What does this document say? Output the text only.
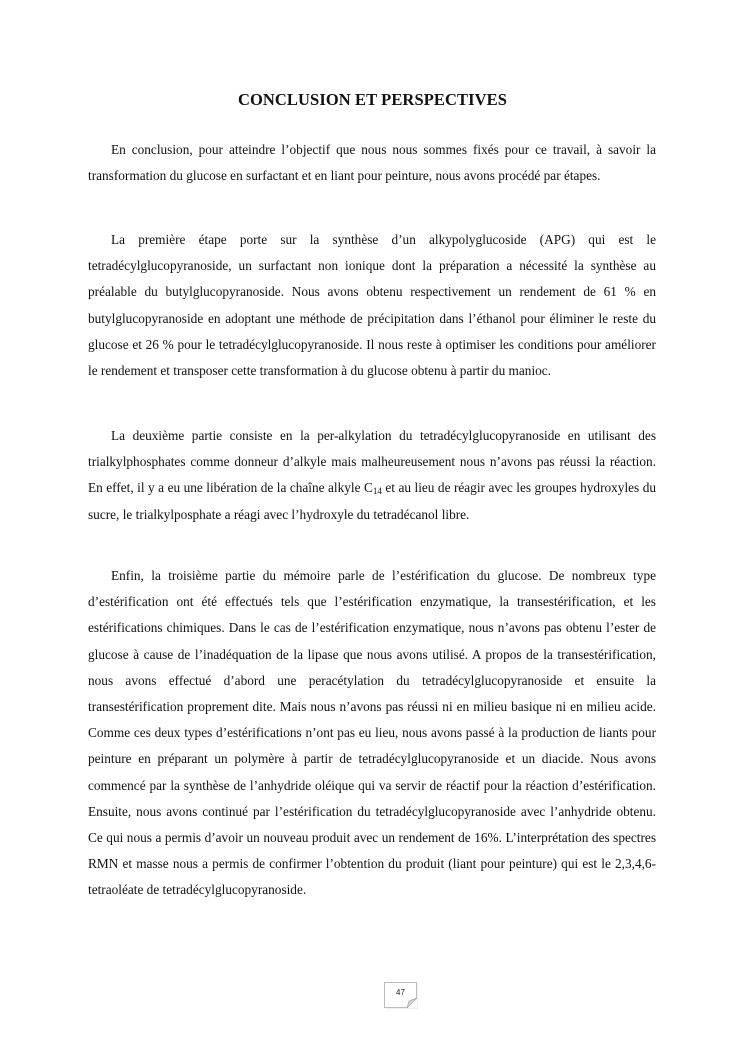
CONCLUSION ET PERSPECTIVES

En conclusion, pour atteindre l’objectif que nous nous sommes fixés pour ce travail, à savoir la transformation du glucose en surfactant et en liant pour peinture, nous avons procédé par étapes.

La première étape porte sur la synthèse d’un alkypolyglucoside (APG) qui est le tetradécylglucopyranoside, un surfactant non ionique dont la préparation a nécessité la synthèse au préalable du butylglucopyranoside. Nous avons obtenu respectivement un rendement de 61 % en butylglucopyranoside en adoptant une méthode de précipitation dans l’éthanol pour éliminer le reste du glucose et 26 % pour le tetradécylglucopyranoside. Il nous reste à optimiser les conditions pour améliorer le rendement et transposer cette transformation à du glucose obtenu à partir du manioc.

La deuxième partie consiste en la per-alkylation du tetradécylglucopyranoside en utilisant des trialkylphosphates comme donneur d’alkyle mais malheureusement nous n’avons pas réussi la réaction. En effet, il y a eu une libération de la chaîne alkyle $C_{14}$ et au lieu de réagir avec les groupes hydroxyles du sucre, le trialkylposphate a réagi avec l’hydroxyle du tetradécanol libre.

Enfin, la troisième partie du mémoire parle de l’estérification du glucose. De nombreux type d’estérification ont été effectués tels que l’estérification enzymatique, la transestérification, et les estérifications chimiques. Dans le cas de l’estérification enzymatique, nous n’avons pas obtenu l’ester de glucose à cause de l’inadéquation de la lipase que nous avons utilisé. A propos de la transestérification, nous avons effectué d’abord une peracétylation du tetradécylglucopyranoside et ensuite la transestérification proprement dite. Mais nous n’avons pas réussi ni en milieu basique ni en milieu acide. Comme ces deux types d’estérifications n’ont pas eu lieu, nous avons passé à la production de liants pour peinture en préparant un polymère à partir de tetradécylglucopyranoside et un diacide. Nous avons commencé par la synthèse de l’anhydride oléique qui va servir de réactif pour la réaction d’estérification. Ensuite, nous avons continué par l’estérification du tetradécylglucopyranoside avec l’anhydride obtenu. Ce qui nous a permis d’avoir un nouveau produit avec un rendement de 16%. L’interprétation des spectres RMN et masse nous a permis de confirmer l’obtention du produit (liant pour peinture) qui est le 2,3,4,6-tetraoléate de tetradécylglucopyranoside.

47
